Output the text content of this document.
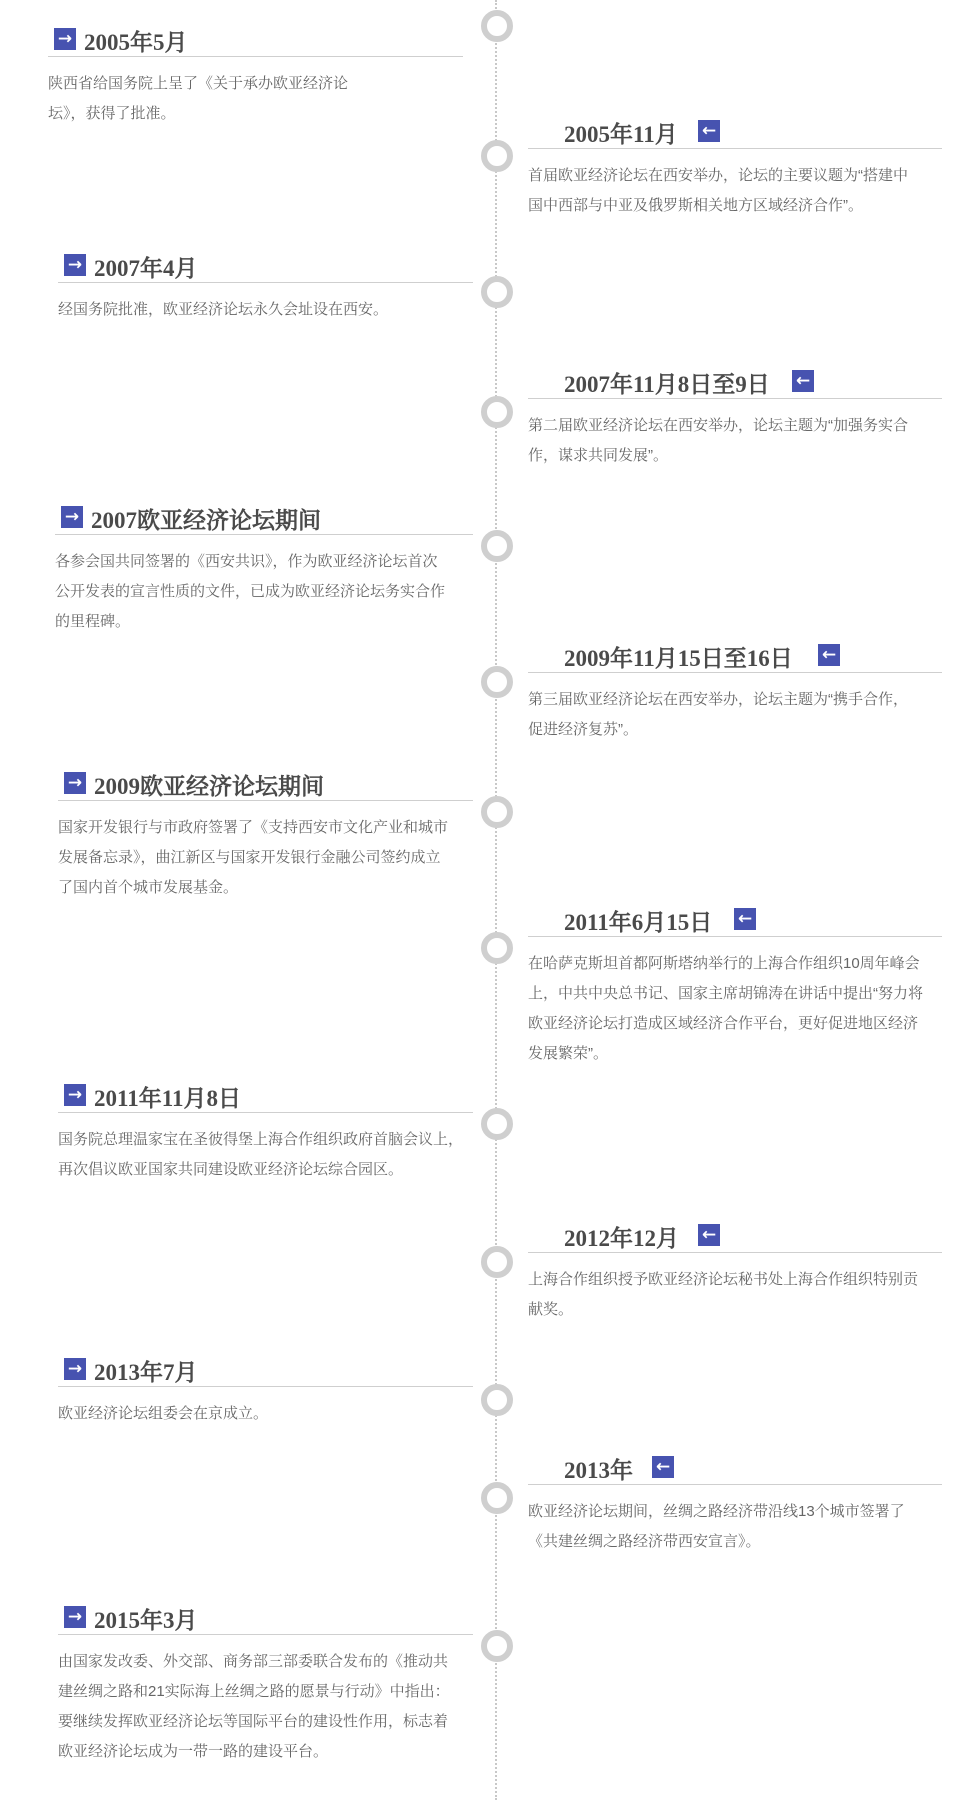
→ 2005年5月
陕西省给国务院上呈了《关于承办欧亚经济论坛》，获得了批准。
2005年11月 ←
首届欧亚经济论坛在西安举办，论坛的主要议题为“搭建中国中西部与中亚及俄罗斯相关地方区域经济合作”。
→ 2007年4月
经国务院批准，欧亚经济论坛永久会址设在西安。
2007年11月8日至9日 ←
第二届欧亚经济论坛在西安举办，论坛主题为“加强务实合作，谋求共同发展”。
→ 2007欧亚经济论坛期间
各参会国共同签署的《西安共识》，作为欧亚经济论坛首次公开发表的宣言性质的文件，已成为欧亚经济论坛务实合作的里程碑。
2009年11月15日至16日 ←
第三届欧亚经济论坛在西安举办，论坛主题为“携手合作，促进经济复苏”。
→ 2009欧亚经济论坛期间
国家开发银行与市政府签署了《支持西安市文化产业和城市发展备忘录》，曲江新区与国家开发银行金融公司签约成立了国内首个城市发展基金。
2011年6月15日 ←
在哈萨克斯坦首都阿斯塔纳举行的上海合作组织10周年峰会上，中共中央总书记、国家主席胡锦涛在讲话中提出“努力将欧亚经济论坛打造成区域经济合作平台，更好促进地区经济发展繁荣”。
→ 2011年11月8日
国务院总理温家宝在圣彼得堡上海合作组织政府首脑会议上，再次倡议欧亚国家共同建设欧亚经济论坛综合园区。
2012年12月 ←
上海合作组织授予欧亚经济论坛秘书处上海合作组织特别贡献奖。
→ 2013年7月
欧亚经济论坛组委会在京成立。
2013年 ←
欧亚经济论坛期间，丝绸之路经济带沿线13个城市签署了《共建丝绸之路经济带西安宣言》。
→ 2015年3月
由国家发改委、外交部、商务部三部委联合发布的《推动共建丝绸之路和21实际海上丝绸之路的愿景与行动》中指出：要继续发挥欧亚经济论坛等国际平台的建设性作用，标志着欧亚经济论坛成为一带一路的建设平台。
